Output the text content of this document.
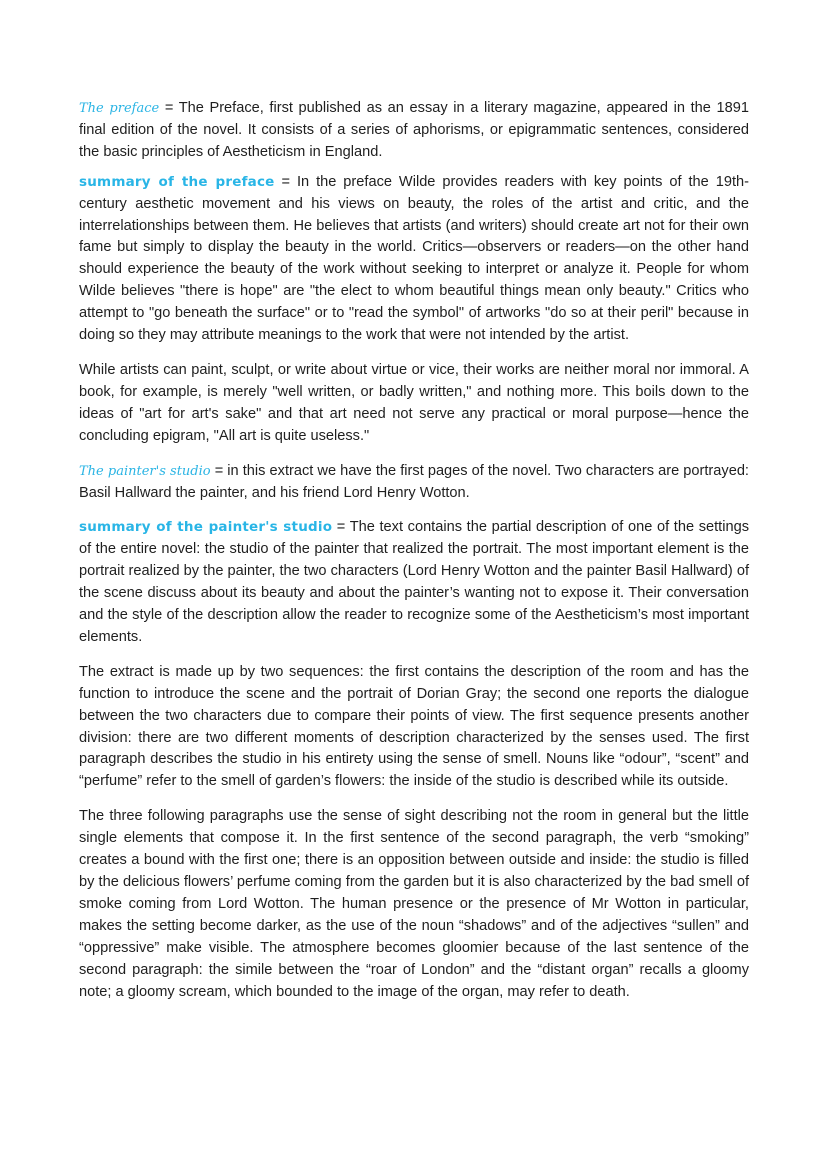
The preface = The Preface, first published as an essay in a literary magazine, appeared in the 1891 final edition of the novel. It consists of a series of aphorisms, or epigrammatic sentences, considered the basic principles of Aestheticism in England.

summary of the preface = In the preface Wilde provides readers with key points of the 19th-century aesthetic movement and his views on beauty, the roles of the artist and critic, and the interrelationships between them. He believes that artists (and writers) should create art not for their own fame but simply to display the beauty in the world. Critics—observers or readers—on the other hand should experience the beauty of the work without seeking to interpret or analyze it. People for whom Wilde believes "there is hope" are "the elect to whom beautiful things mean only beauty." Critics who attempt to "go beneath the surface" or to "read the symbol" of artworks "do so at their peril" because in doing so they may attribute meanings to the work that were not intended by the artist.

While artists can paint, sculpt, or write about virtue or vice, their works are neither moral nor immoral. A book, for example, is merely "well written, or badly written," and nothing more. This boils down to the ideas of "art for art's sake" and that art need not serve any practical or moral purpose—hence the concluding epigram, "All art is quite useless."

The painter's studio = in this extract we have the first pages of the novel. Two characters are portrayed: Basil Hallward the painter, and his friend Lord Henry Wotton.

summary of the painter's studio = The text contains the partial description of one of the settings of the entire novel: the studio of the painter that realized the portrait. The most important element is the portrait realized by the painter, the two characters (Lord Henry Wotton and the painter Basil Hallward) of the scene discuss about its beauty and about the painter’s wanting not to expose it. Their conversation and the style of the description allow the reader to recognize some of the Aestheticism’s most important elements.

The extract is made up by two sequences: the first contains the description of the room and has the function to introduce the scene and the portrait of Dorian Gray; the second one reports the dialogue between the two characters due to compare their points of view. The first sequence presents another division: there are two different moments of description characterized by the senses used. The first paragraph describes the studio in his entirety using the sense of smell. Nouns like “odour”, “scent” and “perfume” refer to the smell of garden’s flowers: the inside of the studio is described while its outside.

The three following paragraphs use the sense of sight describing not the room in general but the little single elements that compose it. In the first sentence of the second paragraph, the verb “smoking” creates a bound with the first one; there is an opposition between outside and inside: the studio is filled by the delicious flowers’ perfume coming from the garden but it is also characterized by the bad smell of smoke coming from Lord Wotton. The human presence or the presence of Mr Wotton in particular, makes the setting become darker, as the use of the noun “shadows” and of the adjectives “sullen” and “oppressive” make visible. The atmosphere becomes gloomier because of the last sentence of the second paragraph: the simile between the “roar of London” and the “distant organ” recalls a gloomy note; a gloomy scream, which bounded to the image of the organ, may refer to death.
